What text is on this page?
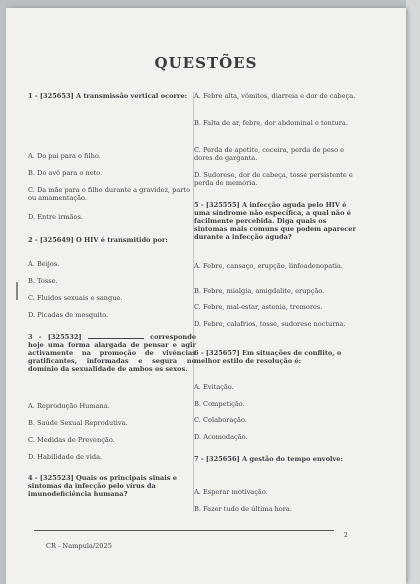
QUESTÕES
1 - [325653] A transmissão vertical ocorre:
A. Do pai para o filho.
B. Do avô para o neto.
C. Da mãe para o filho durante a gravidez, parto ou amamentação.
D. Entre irmãos.
2 - [325649] O HIV é transmitido por:
A. Beijos.
B. Tosse.
C. Fluidos sexuais e sangue.
D. Picadas de mosquito.
3 - [325532]	corresponde hoje uma forma alargada de pensar e agir activamente na promoção de vivências gratificantes, informadas e segura no domínio da sexualidade de ambos os sexos.
A. Reprodução Humana.
B. Saúde Sexual Reprodutiva.
C. Medidas de Prevenção.
D. Habilidade de vida.
4 - [325523] Quais os principais sinais e sintomas da infecção pelo vírus da imunodeficiência humana?
A. Febre alta, vómitos, diarreia e dor de cabeça.
B. Falta de ar, febre, dor abdominal e tontura.
C. Perda de apetite, coceira, perda de peso e dores de garganta.
D. Sudorese, dor de cabeça, tosse persistente e perda de memória.
5 - [325555] A infecção aguda pelo HIV é uma síndrome não específica, a qual não é facilmente percebida. Diga quais os sintomas mais comuns que podem aparecer durante a infecção aguda?
A. Febre, cansaço, erupção, linfoadenopatia.
B. Febre, mialgia, amigdalite, erupção.
C. Febre, mal-estar, astenia, tremores.
D. Febre, calafrios, tosse, sudorese nocturna.
6 - [325657] Em situações de conflito, o melhor estilo de resolução é:
A. Evitação.
B. Competição.
C. Colaboração.
D. Acomodação.
7 - [325656] A gestão do tempo envolve:
A. Esperar motivação.
B. Fazer tudo de última hora.
CR - Nampula/2025
2
